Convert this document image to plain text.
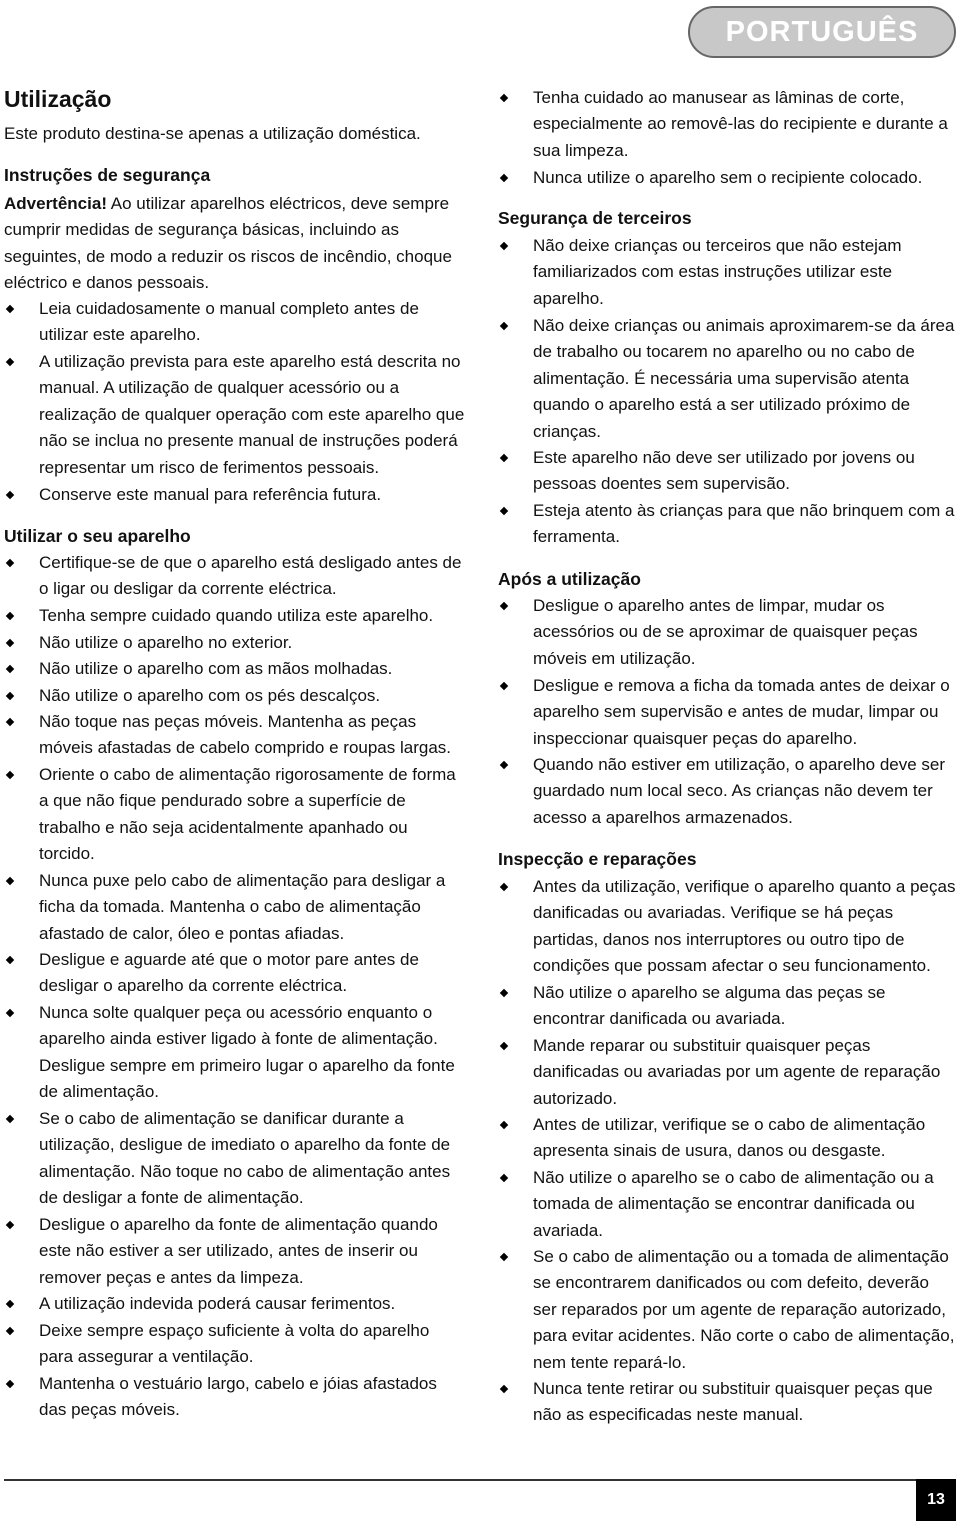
PORTUGUÊS
Utilização
Este produto destina-se apenas a utilização doméstica.
Instruções de segurança
Advertência! Ao utilizar aparelhos eléctricos, deve sempre cumprir medidas de segurança básicas, incluindo as seguintes, de modo a reduzir os riscos de incêndio, choque eléctrico e danos pessoais.
Leia cuidadosamente o manual completo antes de utilizar este aparelho.
A utilização prevista para este aparelho está descrita no manual. A utilização de qualquer acessório ou a realização de qualquer operação com este aparelho que não se inclua no presente manual de instruções poderá representar um risco de ferimentos pessoais.
Conserve este manual para referência futura.
Utilizar o seu aparelho
Certifique-se de que o aparelho está desligado antes de o ligar ou desligar da corrente eléctrica.
Tenha sempre cuidado quando utiliza este aparelho.
Não utilize o aparelho no exterior.
Não utilize o aparelho com as mãos molhadas.
Não utilize o aparelho com os pés descalços.
Não toque nas peças móveis. Mantenha as peças móveis afastadas de cabelo comprido e roupas largas.
Oriente o cabo de alimentação rigorosamente de forma a que não fique pendurado sobre a superfície de trabalho e não seja acidentalmente apanhado ou torcido.
Nunca puxe pelo cabo de alimentação para desligar a ficha da tomada. Mantenha o cabo de alimentação afastado de calor, óleo e pontas afiadas.
Desligue e aguarde até que o motor pare antes de desligar o aparelho da corrente eléctrica.
Nunca solte qualquer peça ou acessório enquanto o aparelho ainda estiver ligado à fonte de alimentação. Desligue sempre em primeiro lugar o aparelho da fonte de alimentação.
Se o cabo de alimentação se danificar durante a utilização, desligue de imediato o aparelho da fonte de alimentação. Não toque no cabo de alimentação antes de desligar a fonte de alimentação.
Desligue o aparelho da fonte de alimentação quando este não estiver a ser utilizado, antes de inserir ou remover peças e antes da limpeza.
A utilização indevida poderá causar ferimentos.
Deixe sempre espaço suficiente à volta do aparelho para assegurar a ventilação.
Mantenha o vestuário largo, cabelo e jóias afastados das peças móveis.
Tenha cuidado ao manusear as lâminas de corte, especialmente ao removê-las do recipiente e durante a sua limpeza.
Nunca utilize o aparelho sem o recipiente colocado.
Segurança de terceiros
Não deixe crianças ou terceiros que não estejam familiarizados com estas instruções utilizar este aparelho.
Não deixe crianças ou animais aproximarem-se da área de trabalho ou tocarem no aparelho ou no cabo de alimentação. É necessária uma supervisão atenta quando o aparelho está a ser utilizado próximo de crianças.
Este aparelho não deve ser utilizado por jovens ou pessoas doentes sem supervisão.
Esteja atento às crianças para que não brinquem com a ferramenta.
Após a utilização
Desligue o aparelho antes de limpar, mudar os acessórios ou de se aproximar de quaisquer peças móveis em utilização.
Desligue e remova a ficha da tomada antes de deixar o aparelho sem supervisão e antes de mudar, limpar ou inspeccionar quaisquer peças do aparelho.
Quando não estiver em utilização, o aparelho deve ser guardado num local seco. As crianças não devem ter acesso a aparelhos armazenados.
Inspecção e reparações
Antes da utilização, verifique o aparelho quanto a peças danificadas ou avariadas. Verifique se há peças partidas, danos nos interruptores ou outro tipo de condições que possam afectar o seu funcionamento.
Não utilize o aparelho se alguma das peças se encontrar danificada ou avariada.
Mande reparar ou substituir quaisquer peças danificadas ou avariadas por um agente de reparação autorizado.
Antes de utilizar, verifique se o cabo de alimentação apresenta sinais de usura, danos ou desgaste.
Não utilize o aparelho se o cabo de alimentação ou a tomada de alimentação se encontrar danificada ou avariada.
Se o cabo de alimentação ou a tomada de alimentação se encontrarem danificados ou com defeito, deverão ser reparados por um agente de reparação autorizado, para evitar acidentes. Não corte o cabo de alimentação, nem tente repará-lo.
Nunca tente retirar ou substituir quaisquer peças que não as especificadas neste manual.
13
